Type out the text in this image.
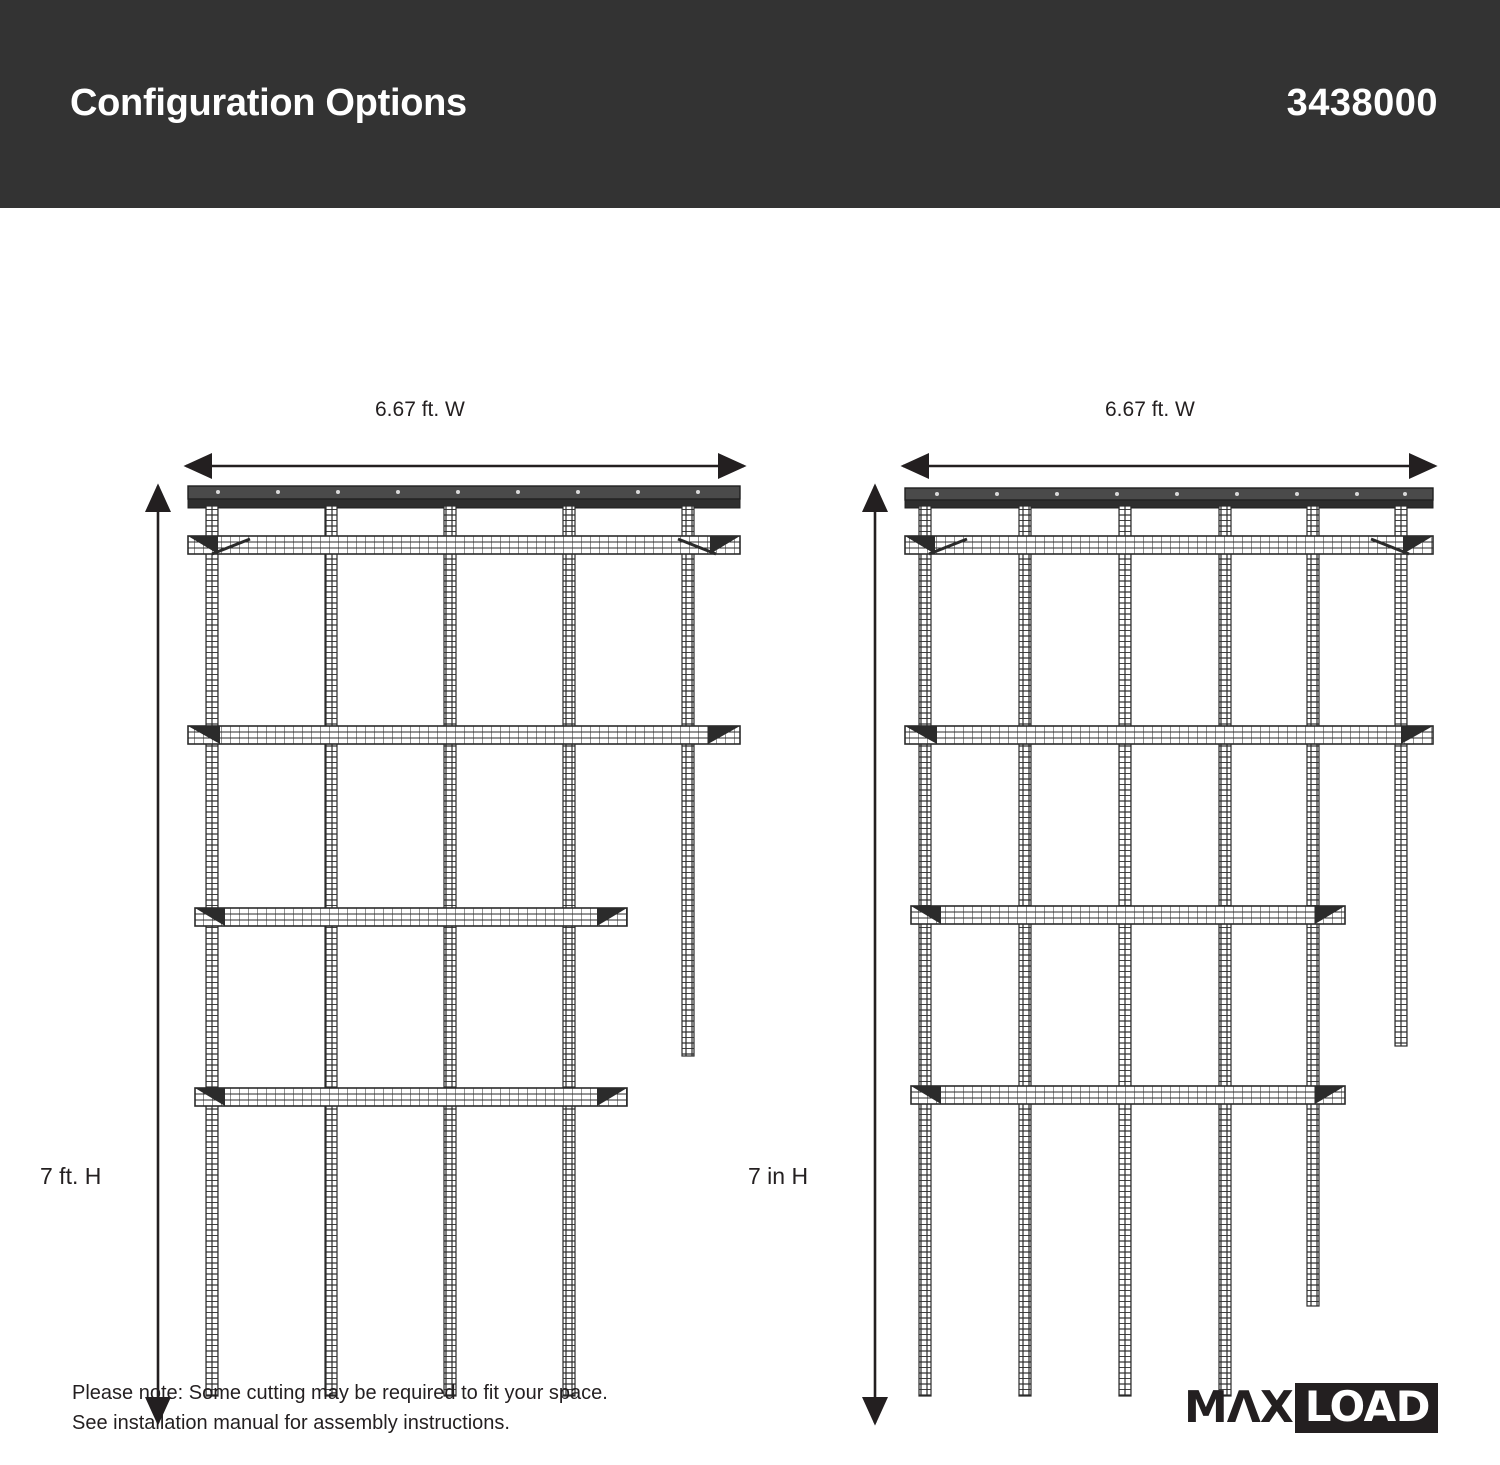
Configuration Options	3438000
6.67 ft. W
7 ft. H
6.67 ft. W
7 in H
Please note: Some cutting may be required to fit your space.
See installation manual for assembly instructions.	MΛX LOAD
